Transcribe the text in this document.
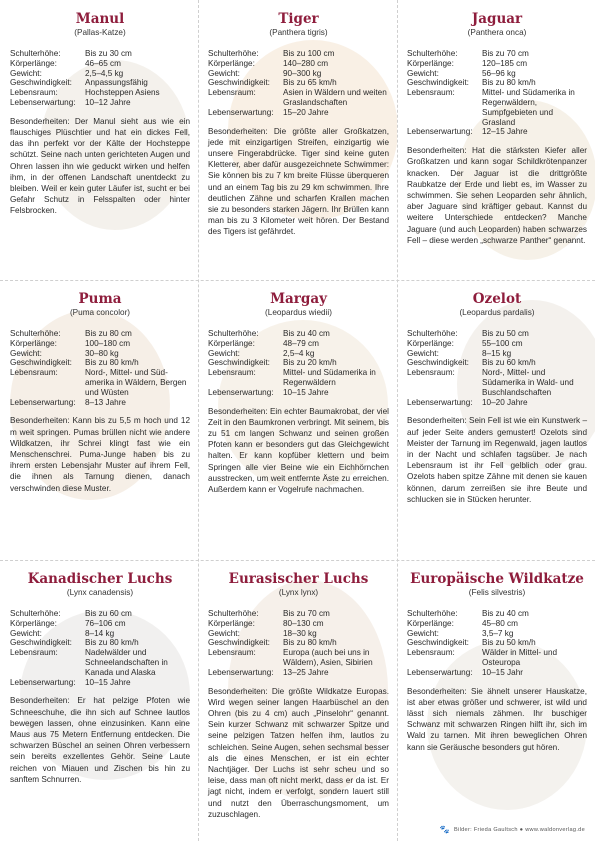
Manul
(Pallas-Katze)
Schulterhöhe:	Bis zu 30 cm
Körperlänge:	46–65 cm
Gewicht:	2,5–4,5 kg
Geschwindigkeit:	Anpassungsfähig
Lebensraum:	Hochsteppen Asiens
Lebenserwartung:	10–12 Jahre

Besonderheiten: Der Manul sieht aus wie ein flauschiges Plüschtier und hat ein dickes Fell, das ihn perfekt vor der Kälte der Hochsteppe schützt. Seine nach unten gerichteten Augen und Ohren lassen ihn wie geduckt wirken und helfen ihm, in der offenen Landschaft unentdeckt zu bleiben. Weil er kein guter Läufer ist, sucht er bei Gefahr Schutz in Felsspalten oder hinter Felsbrocken.

Tiger
(Panthera tigris)
Schulterhöhe:	Bis zu 100 cm
Körperlänge:	140–280 cm
Gewicht:	90–300 kg
Geschwindigkeit:	Bis zu 65 km/h
Lebensraum:	Asien in Wäldern und weiten Graslandschaften
Lebenserwartung:	15–20 Jahre

Besonderheiten: Die größte aller Großkatzen, jede mit einzigartigen Streifen, einzigartig wie unsere Fingerabdrücke. Tiger sind keine guten Kletterer, aber dafür ausgezeichnete Schwimmer: Sie können bis zu 7 km breite Flüsse überqueren und an einem Tag bis zu 29 km schwimmen. Ihre deutlichen Zähne und scharfen Krallen machen sie zu besonders starken Jägern. Ihr Brüllen kann man bis zu 3 Kilometer weit hören. Der Bestand des Tigers ist gefährdet.

Jaguar
(Panthera onca)
Schulterhöhe:	Bis zu 70 cm
Körperlänge:	120–185 cm
Gewicht:	56–96 kg
Geschwindigkeit:	Bis zu 80 km/h
Lebensraum:	Mittel- und Südamerika in Regenwäldern, Sumpfgebieten und Grasland
Lebenserwartung:	12–15 Jahre

Besonderheiten: Hat die stärksten Kiefer aller Großkatzen und kann sogar Schildkrötenpanzer knacken. Der Jaguar ist die drittgrößte Raubkatze der Erde und liebt es, im Wasser zu schwimmen. Sie sehen Leoparden sehr ähnlich, aber Jaguare sind kräftiger gebaut. Kannst du weitere Unterschiede entdecken? Manche Jaguare (und auch Leoparden) haben schwarzes Fell – diese werden „schwarze Panther“ genannt.

Puma
(Puma concolor)
Schulterhöhe:	Bis zu 80 cm
Körperlänge:	100–180 cm
Gewicht:	30–80 kg
Geschwindigkeit:	Bis zu 80 km/h
Lebensraum:	Nord-, Mittel- und Südamerika in Wäldern, Bergen und Wüsten
Lebenserwartung:	8–13 Jahre

Besonderheiten: Kann bis zu 5,5 m hoch und 12 m weit springen. Pumas brüllen nicht wie andere Wildkatzen, ihr Schrei klingt fast wie ein Menschenschrei. Puma-Junge haben bis zu ihrem ersten Lebensjahr Muster auf ihrem Fell, die ihnen als Tarnung dienen, danach verschwinden diese Muster.

Margay
(Leopardus wiedii)
Schulterhöhe:	Bis zu 40 cm
Körperlänge:	48–79 cm
Gewicht:	2,5–4 kg
Geschwindigkeit:	Bis zu 20 km/h
Lebensraum:	Mittel- und Südamerika in Regenwäldern
Lebenserwartung:	10–15 Jahre

Besonderheiten: Ein echter Baumakrobat, der viel Zeit in den Baumkronen verbringt. Mit seinem, bis zu 51 cm langen Schwanz und seinen großen Pfoten kann er besonders gut das Gleichgewicht halten. Er kann kopfüber klettern und beim Springen alle vier Beine wie ein Eichhörnchen ausstrecken, um weit entfernte Äste zu erreichen. Außerdem kann er Vogelrufe nachmachen.

Ozelot
(Leopardus pardalis)
Schulterhöhe:	Bis zu 50 cm
Körperlänge:	55–100 cm
Gewicht:	8–15 kg
Geschwindigkeit:	Bis zu 60 km/h
Lebensraum:	Nord-, Mittel- und Südamerika in Wald- und Buschlandschaften
Lebenserwartung:	10–20 Jahre

Besonderheiten: Sein Fell ist wie ein Kunstwerk – auf jeder Seite anders gemustert! Ozelots sind Meister der Tarnung im Regenwald, jagen lautlos in der Nacht und schlafen tagsüber. Je nach Lebensraum ist ihr Fell gelblich oder grau. Ozelots haben spitze Zähne mit denen sie kauen können, darum zerreißen sie ihre Beute und schlucken sie in Stücken herunter.

Kanadischer Luchs
(Lynx canadensis)
Schulterhöhe:	Bis zu 60 cm
Körperlänge:	76–106 cm
Gewicht:	8–14 kg
Geschwindigkeit:	Bis zu 80 km/h
Lebensraum:	Nadelwälder und Schneelandschaften in Kanada und Alaska
Lebenserwartung:	10–15 Jahre

Besonderheiten: Er hat pelzige Pfoten wie Schneeschuhe, die ihn sich auf Schnee lautlos bewegen lassen, ohne einzusinken. Kann eine Maus aus 75 Metern Entfernung entdecken. Die schwarzen Büschel an seinen Ohren verbessern sein bereits exzellentes Gehör. Seine Laute reichen von Miauen und Zischen bis hin zu sanftem Schnurren.

Eurasischer Luchs
(Lynx lynx)
Schulterhöhe:	Bis zu 70 cm
Körperlänge:	80–130 cm
Gewicht:	18–30 kg
Geschwindigkeit:	Bis zu 80 km/h
Lebensraum:	Europa (auch bei uns in Wäldern), Asien, Sibirien
Lebenserwartung:	13–25 Jahre

Besonderheiten: Die größte Wildkatze Europas. Wird wegen seiner langen Haarbüschel an den Ohren (bis zu 4 cm) auch „Pinselohr“ genannt. Sein kurzer Schwanz mit schwarzer Spitze und seine pelzigen Tatzen helfen ihm, lautlos zu schleichen. Seine Augen, sehen sechsmal besser als die eines Menschen, er ist ein echter Nachtjäger. Der Luchs ist sehr scheu und so leise, dass man oft nicht merkt, dass er da ist. Er jagt nicht, indem er verfolgt, sondern lauert still und nutzt den Überraschungsmoment, um zuzuschlagen.

Europäische Wildkatze
(Felis silvestris)
Schulterhöhe:	Bis zu 40 cm
Körperlänge:	45–80 cm
Gewicht:	3,5–7 kg
Geschwindigkeit:	Bis zu 50 km/h
Lebensraum:	Wälder in Mittel- und Osteuropa
Lebenserwartung:	10–15 Jahr

Besonderheiten: Sie ähnelt unserer Hauskatze, ist aber etwas größer und schwerer, ist wild und lässt sich niemals zähmen. Ihr buschiger Schwanz mit schwarzen Ringen hilft ihr, sich im Wald zu tarnen. Mit ihren beweglichen Ohren kann sie Geräusche besonders gut hören.

🐾 Bilder: Frieda Gaultsch ● www.waldonverlag.de
